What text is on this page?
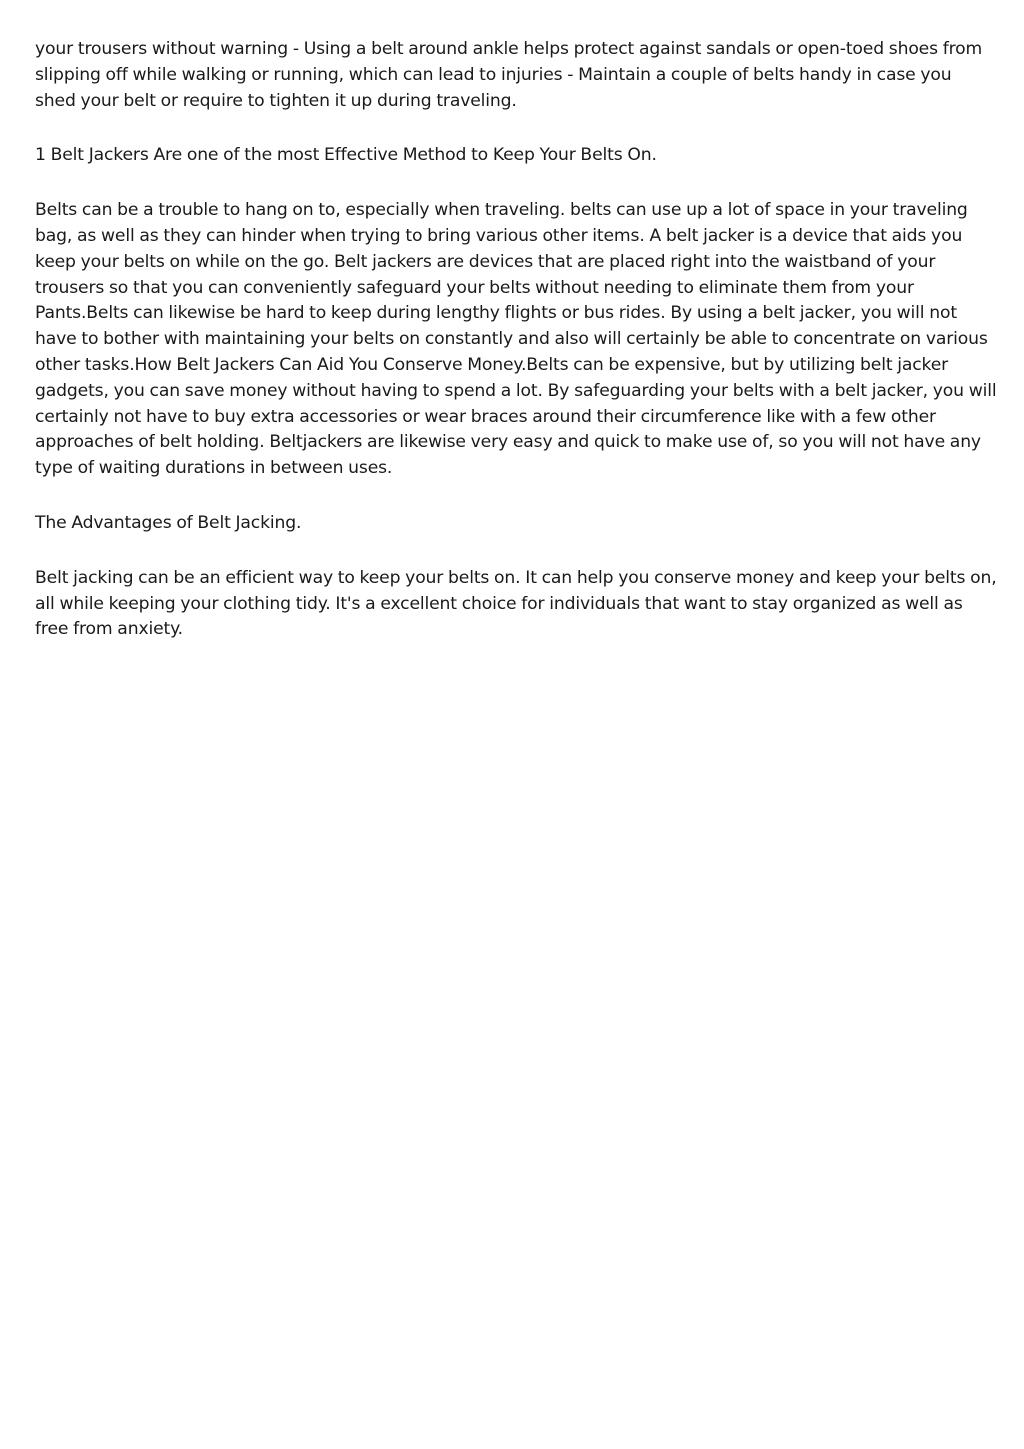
your trousers without warning - Using a belt around ankle helps protect against sandals or open-toed shoes from slipping off while walking or running, which can lead to injuries - Maintain a couple of belts handy in case you shed your belt or require to tighten it up during traveling.

1 Belt Jackers Are one of the most Effective Method to Keep Your Belts On.

Belts can be a trouble to hang on to, especially when traveling. belts can use up a lot of space in your traveling bag, as well as they can hinder when trying to bring various other items. A belt jacker is a device that aids you keep your belts on while on the go. Belt jackers are devices that are placed right into the waistband of your trousers so that you can conveniently safeguard your belts without needing to eliminate them from your Pants.Belts can likewise be hard to keep during lengthy flights or bus rides. By using a belt jacker, you will not have to bother with maintaining your belts on constantly and also will certainly be able to concentrate on various other tasks.How Belt Jackers Can Aid You Conserve Money.Belts can be expensive, but by utilizing belt jacker gadgets, you can save money without having to spend a lot. By safeguarding your belts with a belt jacker, you will certainly not have to buy extra accessories or wear braces around their circumference like with a few other approaches of belt holding. Beltjackers are likewise very easy and quick to make use of, so you will not have any type of waiting durations in between uses.

The Advantages of Belt Jacking.

Belt jacking can be an efficient way to keep your belts on. It can help you conserve money and keep your belts on, all while keeping your clothing tidy. It's a excellent choice for individuals that want to stay organized as well as free from anxiety.
